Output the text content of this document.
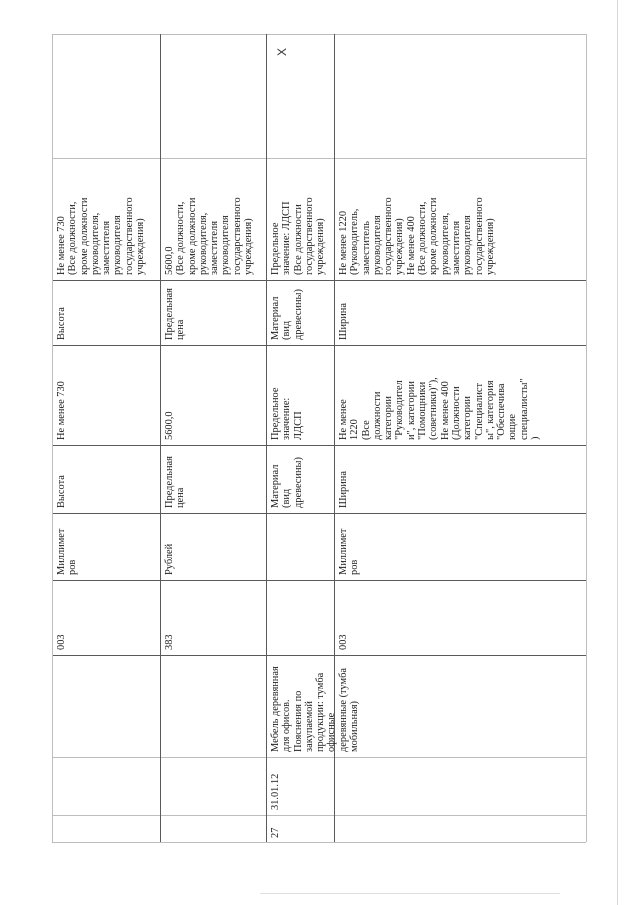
27
31.01.12
Мебель деревянная
для офисов.
Пояснения по
закупаемой
продукции: тумба
офисные
деревянные (тумба
мобильная)
003
Миллимет
ров
Высота
Не менее 730
Высота
Не менее 730
(Все должности,
кроме должности
руководителя,
заместителя
руководителя
государственного
учреждения)
X
383
Рублей
Предельная
цена
5600,0
Предельная
цена
5600,0
(Все должности,
кроме должности
руководителя,
заместителя
руководителя
государственного
учреждения)
Материал
(вид
древесины)
Предельное
значение:
ЛДСП
Материал
(вид
древесины)
Предельное
значение: ЛДСП
(Все должности
государственного
учреждения)
003
Миллимет
ров
Ширина
Не менее
1220
(Все
должности
категории
"Руководител
и", категории
"Помощники
(советники)"),
Не менее 400
(Должности
категории
"Специалист
ы", категория
"Обеспечива
ющие
специалисты"
)
Ширина
Не менее 1220
(Руководитель,
заместитель
руководителя
государственного
учреждения)
Не менее 400
(Все должности,
кроме должности
руководителя,
заместителя
руководителя
государственного
учреждения)
